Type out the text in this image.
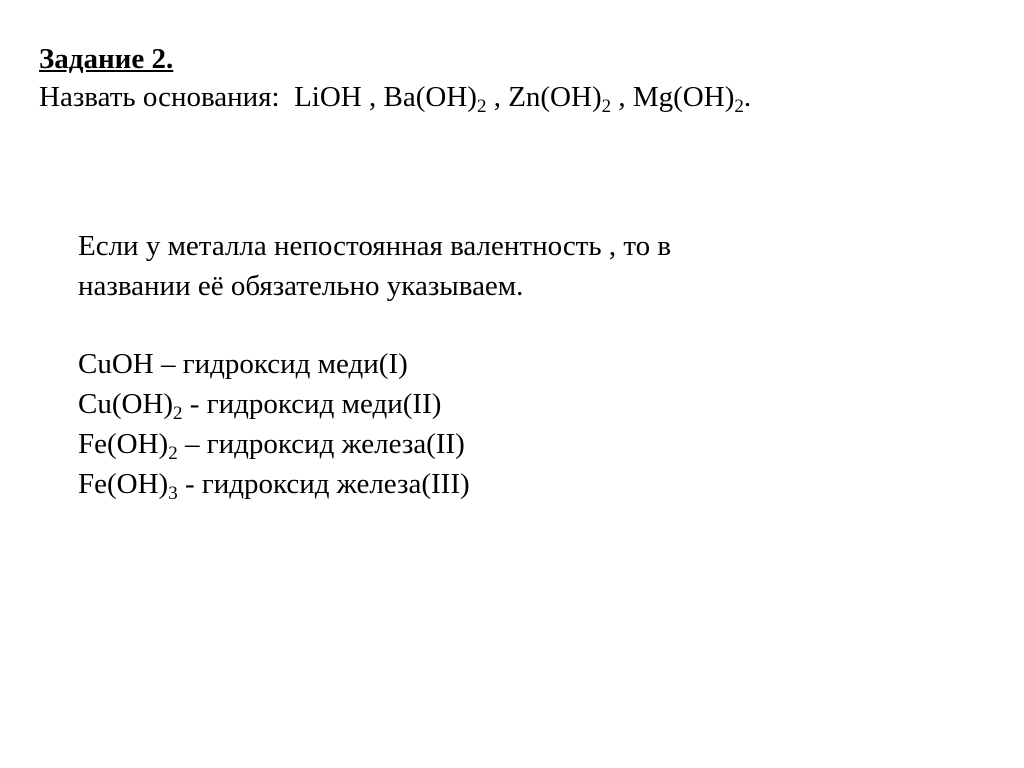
Задание 2.
Назвать основания: LiOH , $Ba(OH)_2$ , $Zn(OH)_2$ , $Mg(OH)_2$.
Если у металла непостоянная валентность , то в
названии её обязательно указываем.
CuOH – гидроксид меди(I)
$Cu(OH)_2$ - гидроксид меди(II)
$Fe(OH)_2$ – гидроксид железа(II)
$Fe(OH)_3$ - гидроксид железа(III)
